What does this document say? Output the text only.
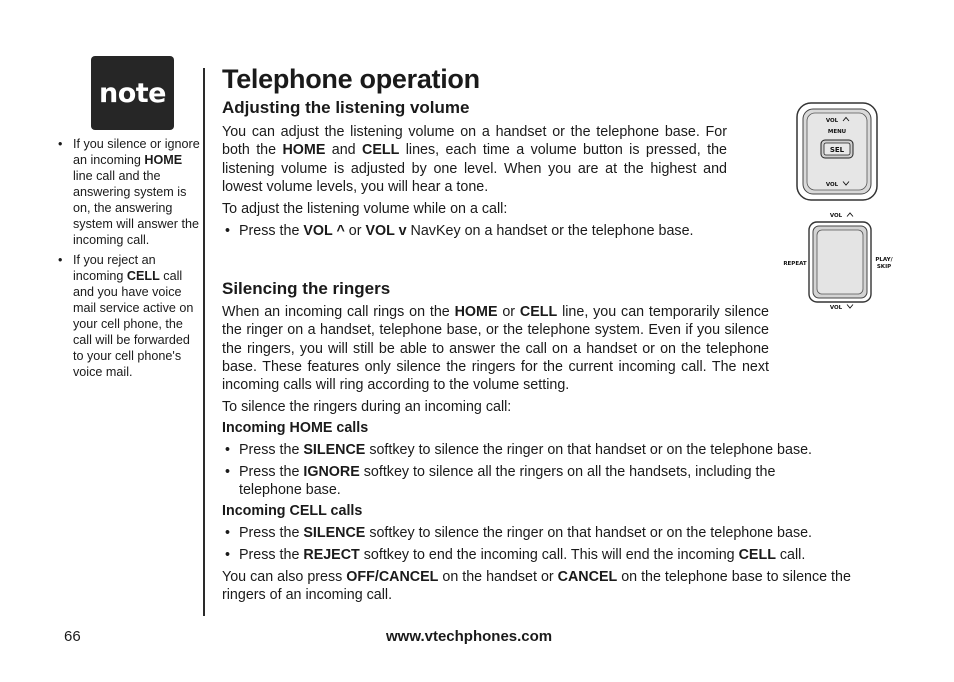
note
• If you silence or ignore an incoming HOME line call and the answering system is on, the answering system will answer the incoming call.
• If you reject an incoming CELL call and you have voice mail service active on your cell phone, the call will be forwarded to your cell phone's voice mail.
Telephone operation
Adjusting the listening volume

You can adjust the listening volume on a handset or the telephone base. For both the HOME and CELL lines, each time a volume button is pressed, the listening volume is adjusted by one level. When you are at the highest and lowest volume levels, you will hear a tone.

To adjust the listening volume while on a call:

• Press the VOL ^ or VOL v NavKey on a handset or the telephone base.

Silencing the ringers

When an incoming call rings on the HOME or CELL line, you can temporarily silence the ringer on a handset, telephone base, or the telephone system. Even if you silence the ringers, you will still be able to answer the call on a handset or on the telephone base. These features only silence the ringers for the current incoming call. The next incoming calls will ring according to the volume setting.

To silence the ringers during an incoming call:

Incoming HOME calls

• Press the SILENCE softkey to silence the ringer on that handset or on the telephone base.

• Press the IGNORE softkey to silence all the ringers on all the handsets, including the telephone base.

Incoming CELL calls

• Press the SILENCE softkey to silence the ringer on that handset or on the telephone base.

• Press the REJECT softkey to end the incoming call. This will end the incoming CELL call.

You can also press OFF/CANCEL on the handset or CANCEL on the telephone base to silence the ringers of an incoming call.

VOL
MENU
SEL
VOL
VOL
REPEAT
PLAY/
SKIP
VOL
66	www.vtechphones.com
